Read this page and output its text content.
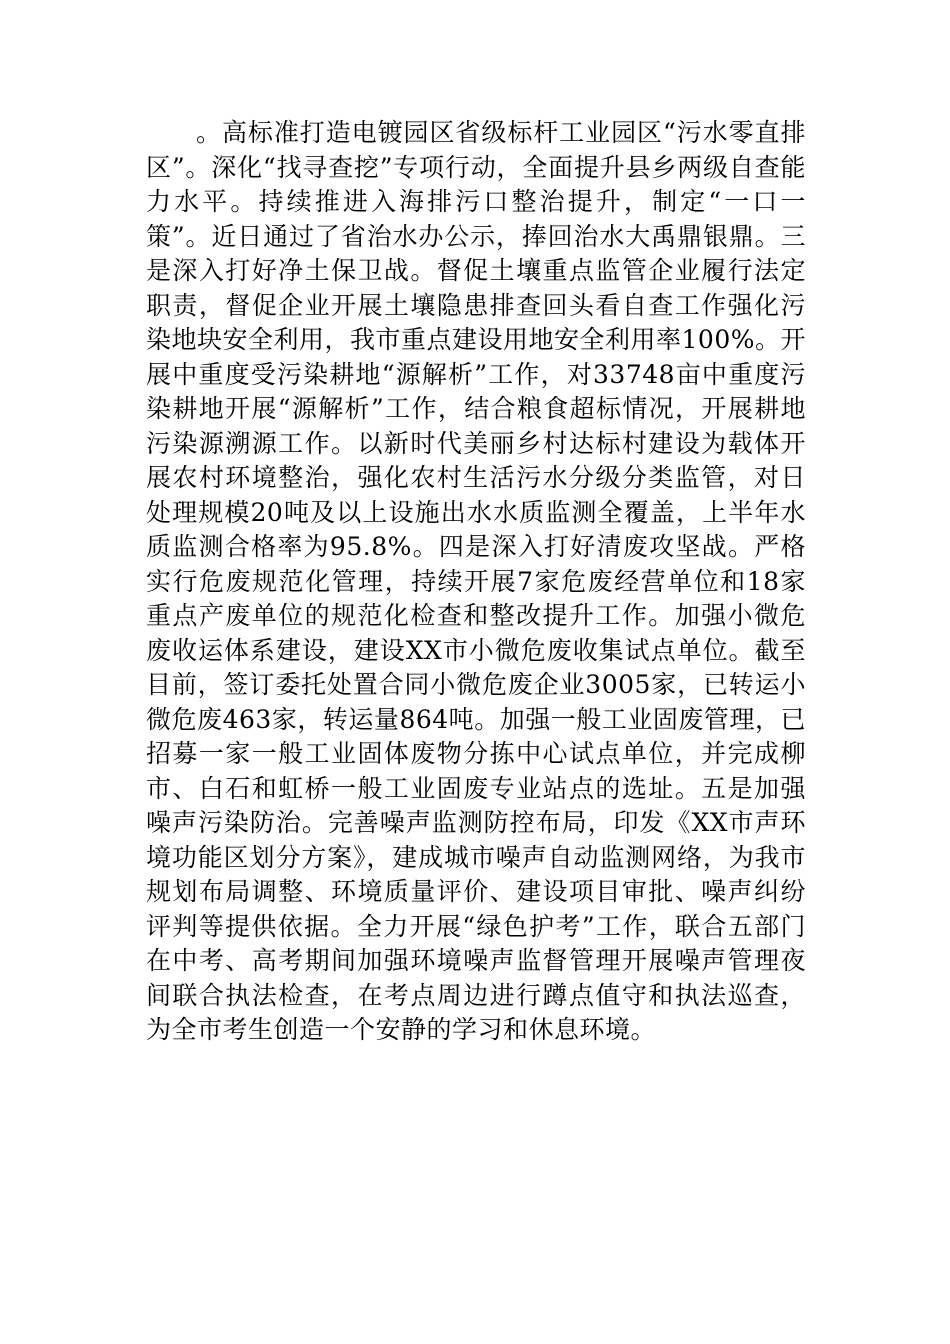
。高标准打造电镀园区省级标杆工业园区“污水零直排区”。深化“找寻查挖”专项行动，全面提升县乡两级自查能力水平。持续推进入海排污口整治提升，制定“一口一策”。近日通过了省治水办公示，捧回治水大禹鼎银鼎。三是深入打好净土保卫战。督促土壤重点监管企业履行法定职责，督促企业开展土壤隐患排查回头看自查工作强化污染地块安全利用，我市重点建设用地安全利用率100%。开展中重度受污染耕地“源解析”工作，对33748亩中重度污染耕地开展“源解析”工作，结合粮食超标情况，开展耕地污染源溯源工作。以新时代美丽乡村达标村建设为载体开展农村环境整治，强化农村生活污水分级分类监管，对日处理规模20吨及以上设施出水水质监测全覆盖，上半年水质监测合格率为95.8%。四是深入打好清废攻坚战。严格实行危废规范化管理，持续开展7家危废经营单位和18家重点产废单位的规范化检查和整改提升工作。加强小微危废收运体系建设，建设XX市小微危废收集试点单位。截至目前，签订委托处置合同小微危废企业3005家，已转运小微危废463家，转运量864吨。加强一般工业固废管理，已招募一家一般工业固体废物分拣中心试点单位，并完成柳市、白石和虹桥一般工业固废专业站点的选址。五是加强噪声污染防治。完善噪声监测防控布局，印发《XX市声环境功能区划分方案》，建成城市噪声自动监测网络，为我市规划布局调整、环境质量评价、建设项目审批、噪声纠纷评判等提供依据。全力开展“绿色护考”工作，联合五部门在中考、高考期间加强环境噪声监督管理开展噪声管理夜间联合执法检查，在考点周边进行蹲点值守和执法巡查，为全市考生创造一个安静的学习和休息环境。
